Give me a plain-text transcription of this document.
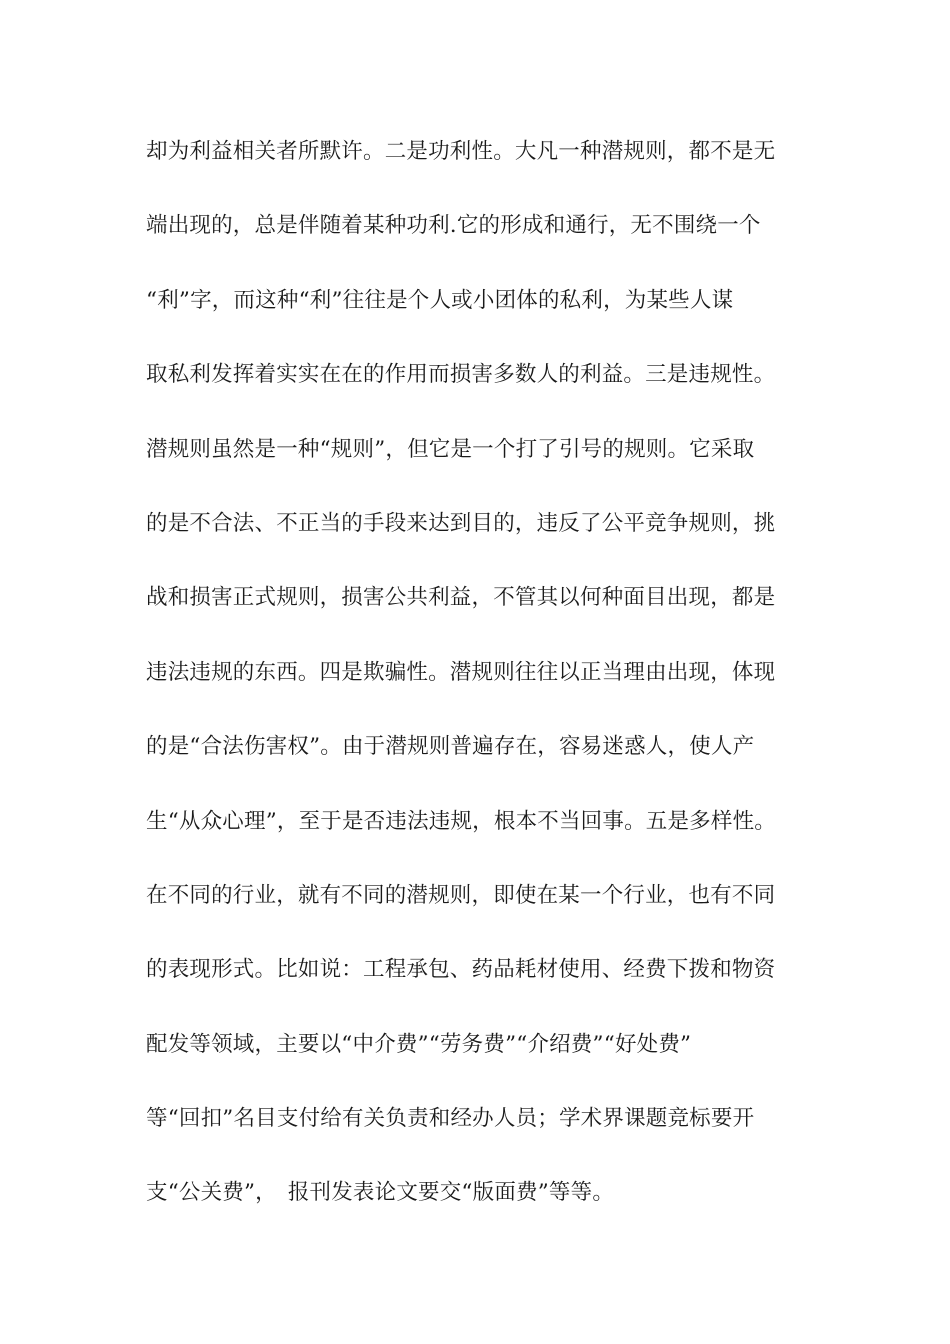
却为利益相关者所默许。二是功利性。大凡一种潜规则，都不是无
端出现的，总是伴随着某种功利.它的形成和通行，无不围绕一个
“利”字，而这种“利”往往是个人或小团体的私利，为某些人谋
取私利发挥着实实在在的作用而损害多数人的利益。三是违规性。
潜规则虽然是一种“规则”，但它是一个打了引号的规则。它采取
的是不合法、不正当的手段来达到目的，违反了公平竞争规则，挑
战和损害正式规则，损害公共利益，不管其以何种面目出现，都是
违法违规的东西。四是欺骗性。潜规则往往以正当理由出现，体现
的是“合法伤害权”。由于潜规则普遍存在，容易迷惑人，使人产
生“从众心理”，至于是否违法违规，根本不当回事。五是多样性。
在不同的行业，就有不同的潜规则，即使在某一个行业，也有不同
的表现形式。比如说：工程承包、药品耗材使用、经费下拨和物资
配发等领域，主要以“中介费”“劳务费”“介绍费”“好处费”
等“回扣”名目支付给有关负责和经办人员；学术界课题竞标要开
支“公关费”，　报刊发表论文要交“版面费”等等。
